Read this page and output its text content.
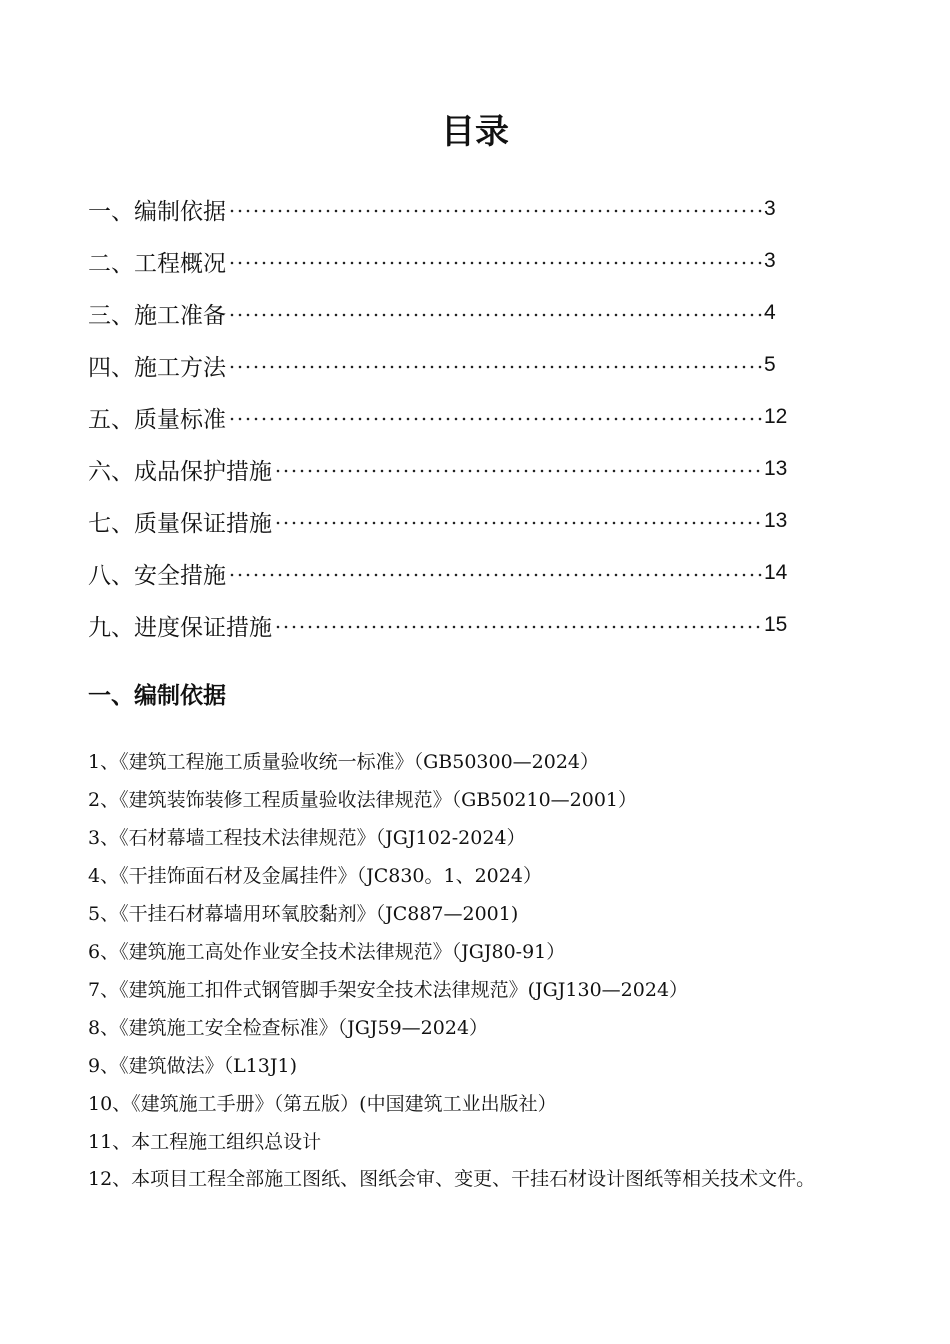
目录
一、编制依据	3
二、工程概况	3
三、施工准备	4
四、施工方法	5
五、质量标准	12
六、成品保护措施	13
七、质量保证措施	13
八、安全措施	14
九、进度保证措施	15
一、编制依据
1、《建筑工程施工质量验收统一标准》（GB50300—2024）
2、《建筑装饰装修工程质量验收法律规范》（GB50210—2001）
3、《石材幕墙工程技术法律规范》（JGJ102-2024）
4、《干挂饰面石材及金属挂件》（JC830。1、2024）
5、《干挂石材幕墙用环氧胶黏剂》（JC887—2001)
6、《建筑施工高处作业安全技术法律规范》（JGJ80-91）
7、《建筑施工扣件式钢管脚手架安全技术法律规范》(JGJ130—2024）
8、《建筑施工安全检查标准》（JGJ59—2024）
9、《建筑做法》（L13J1)
10、《建筑施工手册》（第五版）(中国建筑工业出版社）
11、本工程施工组织总设计
12、本项目工程全部施工图纸、图纸会审、变更、干挂石材设计图纸等相关技术文件。
